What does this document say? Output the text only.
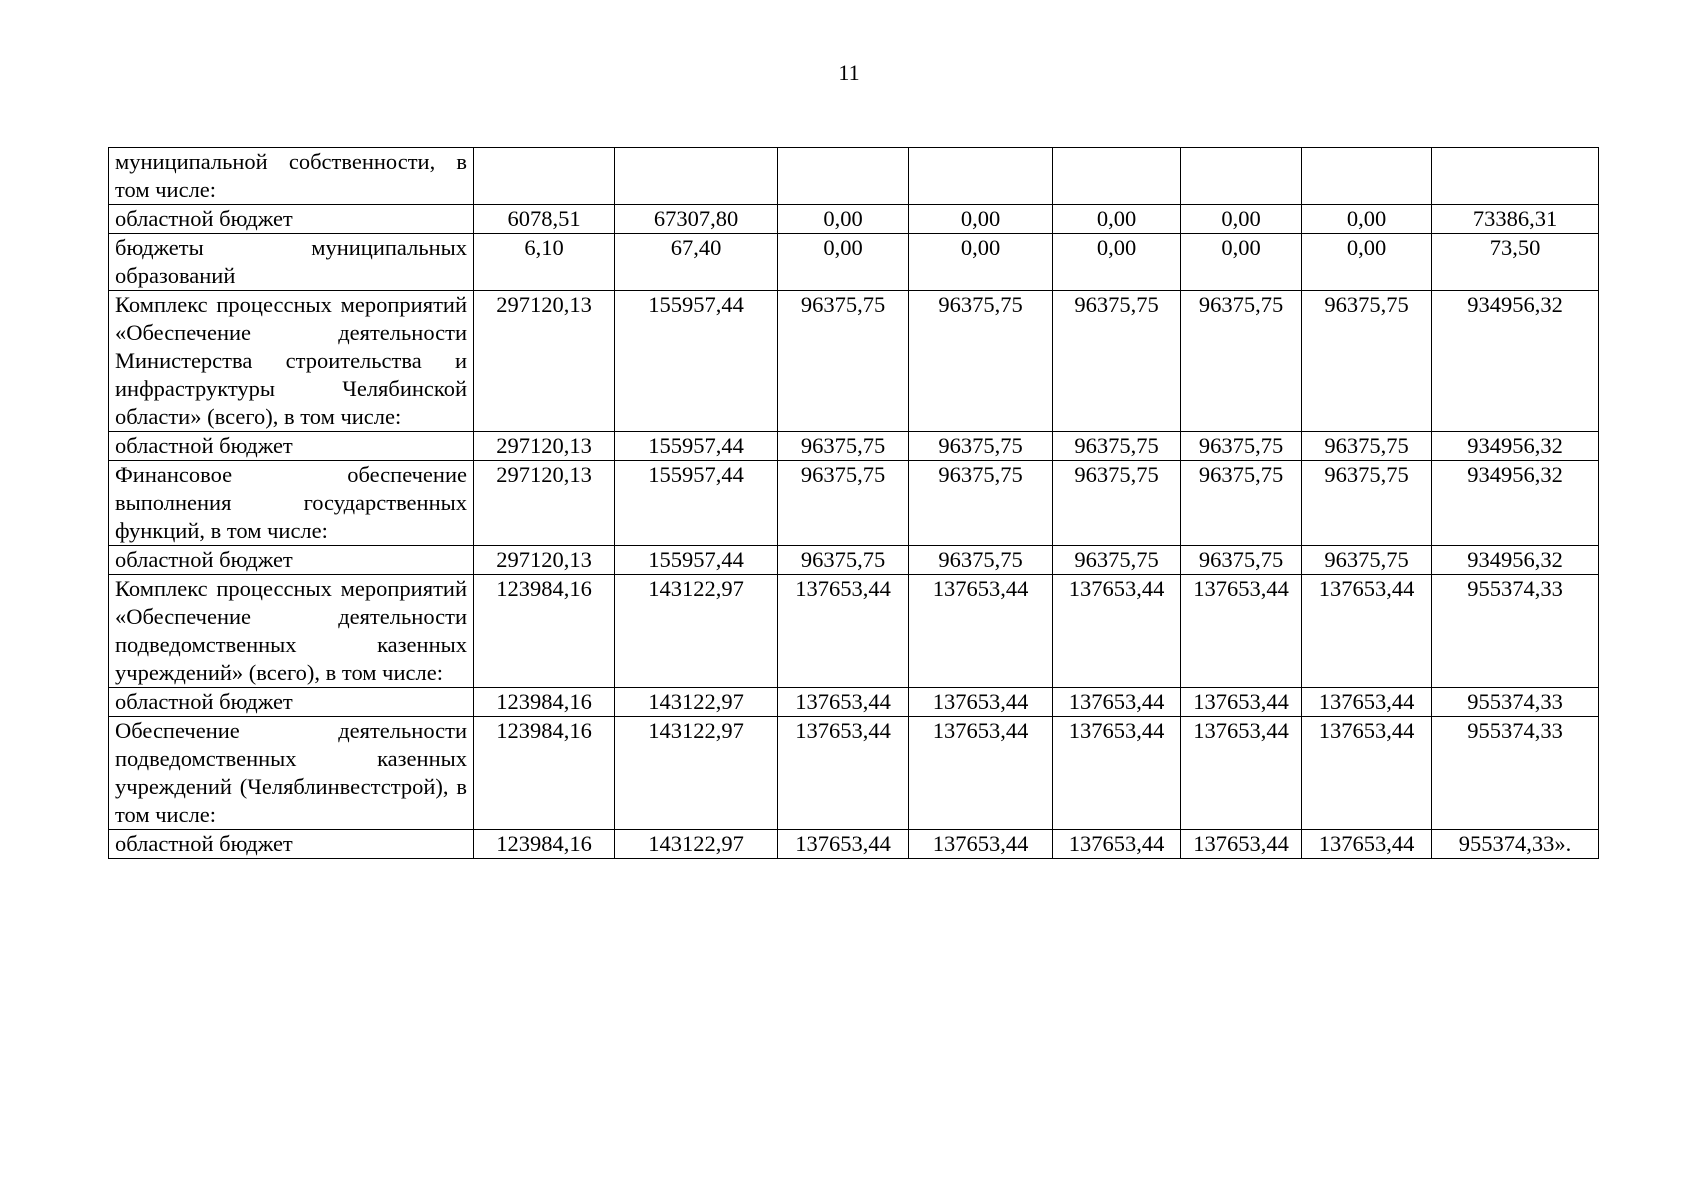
11
муниципальной собственности, в том числе:								
областной бюджет	6078,51	67307,80	0,00	0,00	0,00	0,00	0,00	73386,31
бюджеты муниципальных образований	6,10	67,40	0,00	0,00	0,00	0,00	0,00	73,50
Комплекс процессных мероприятий «Обеспечение деятельности Министерства строительства и инфраструктуры Челябинской области» (всего), в том числе:	297120,13	155957,44	96375,75	96375,75	96375,75	96375,75	96375,75	934956,32
областной бюджет	297120,13	155957,44	96375,75	96375,75	96375,75	96375,75	96375,75	934956,32
Финансовое обеспечение выполнения государственных функций, в том числе:	297120,13	155957,44	96375,75	96375,75	96375,75	96375,75	96375,75	934956,32
областной бюджет	297120,13	155957,44	96375,75	96375,75	96375,75	96375,75	96375,75	934956,32
Комплекс процессных мероприятий «Обеспечение деятельности подведомственных казенных учреждений» (всего), в том числе:	123984,16	143122,97	137653,44	137653,44	137653,44	137653,44	137653,44	955374,33
областной бюджет	123984,16	143122,97	137653,44	137653,44	137653,44	137653,44	137653,44	955374,33
Обеспечение деятельности подведомственных казенных учреждений (Челяблинвестстрой), в том числе:	123984,16	143122,97	137653,44	137653,44	137653,44	137653,44	137653,44	955374,33
областной бюджет	123984,16	143122,97	137653,44	137653,44	137653,44	137653,44	137653,44	955374,33».
